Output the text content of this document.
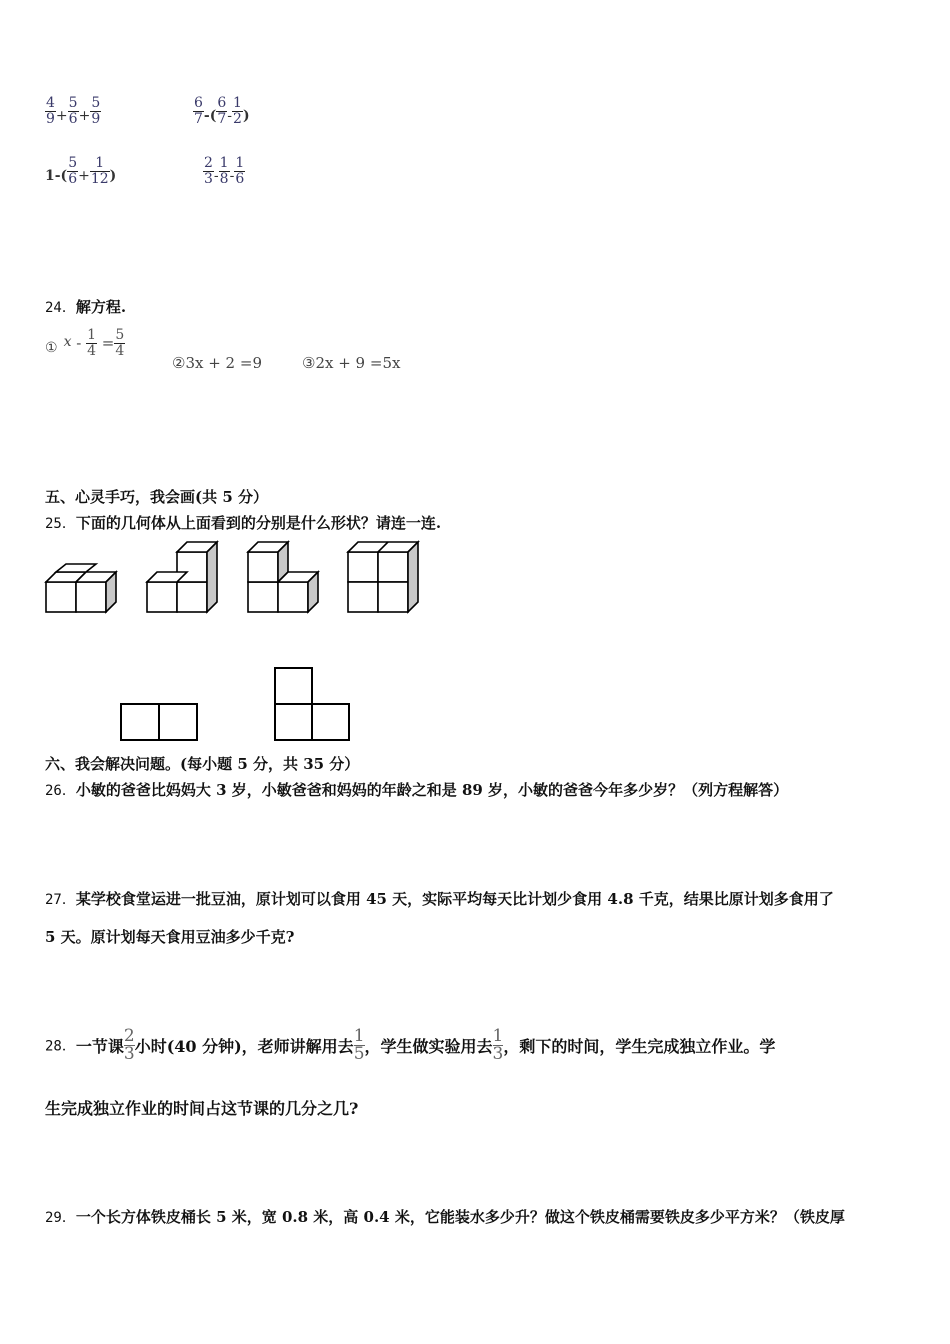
$\frac{4}{9} + \frac{5}{6} + \frac{5}{9}$	$\frac{6}{7}$ -( $\frac{6}{7} - \frac{1}{2}$ )
$1-( \frac{5}{6} + \frac{1}{12}$ )	$\frac{2}{3} - \frac{1}{8} - \frac{1}{6}$
24．解方程.
① $x - \frac{1}{4} = \frac{5}{4}$
②3x + 2 =9	③2x + 9 =5x
五、心灵手巧，我会画(共 5 分）
25．下面的几何体从上面看到的分别是什么形状？请连一连.
六、我会解决问题。(每小题 5 分，共 35 分）
26．小敏的爸爸比妈妈大 3 岁，小敏爸爸和妈妈的年龄之和是 89 岁，小敏的爸爸今年多少岁？（列方程解答）
27．某学校食堂运进一批豆油，原计划可以食用 45 天，实际平均每天比计划少食用 4.8 千克，结果比原计划多食用了
5 天。原计划每天食用豆油多少千克?
28．一节课 $\frac{2}{3}$ 小时(40 分钟)，老师讲解用去 $\frac{1}{5}$ ，学生做实验用去 $\frac{1}{3}$ ，剩下的时间，学生完成独立作业。学
生完成独立作业的时间占这节课的几分之几?
29．一个长方体铁皮桶长 5 米，宽 0.8 米，高 0.4 米，它能装水多少升？做这个铁皮桶需要铁皮多少平方米？（铁皮厚
